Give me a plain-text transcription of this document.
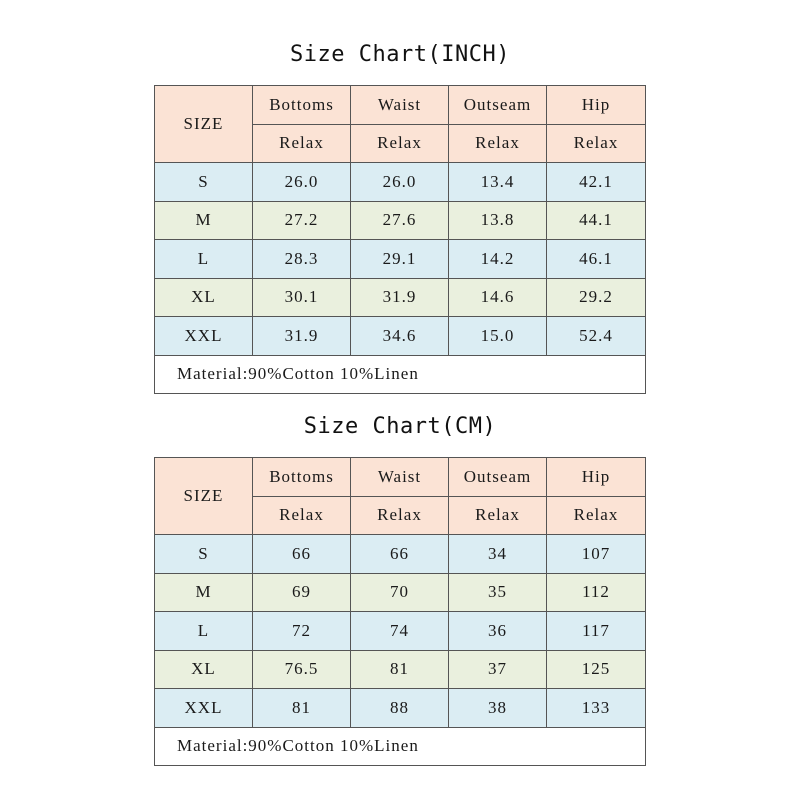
Size Chart(INCH)
SIZE	Bottoms	Waist	Outseam	Hip
	Relax	Relax	Relax	Relax
S	26.0	26.0	13.4	42.1
M	27.2	27.6	13.8	44.1
L	28.3	29.1	14.2	46.1
XL	30.1	31.9	14.6	29.2
XXL	31.9	34.6	15.0	52.4
Material:90%Cotton 10%Linen				
Size Chart(CM)
SIZE	Bottoms	Waist	Outseam	Hip
	Relax	Relax	Relax	Relax
S	66	66	34	107
M	69	70	35	112
L	72	74	36	117
XL	76.5	81	37	125
XXL	81	88	38	133
Material:90%Cotton 10%Linen				
